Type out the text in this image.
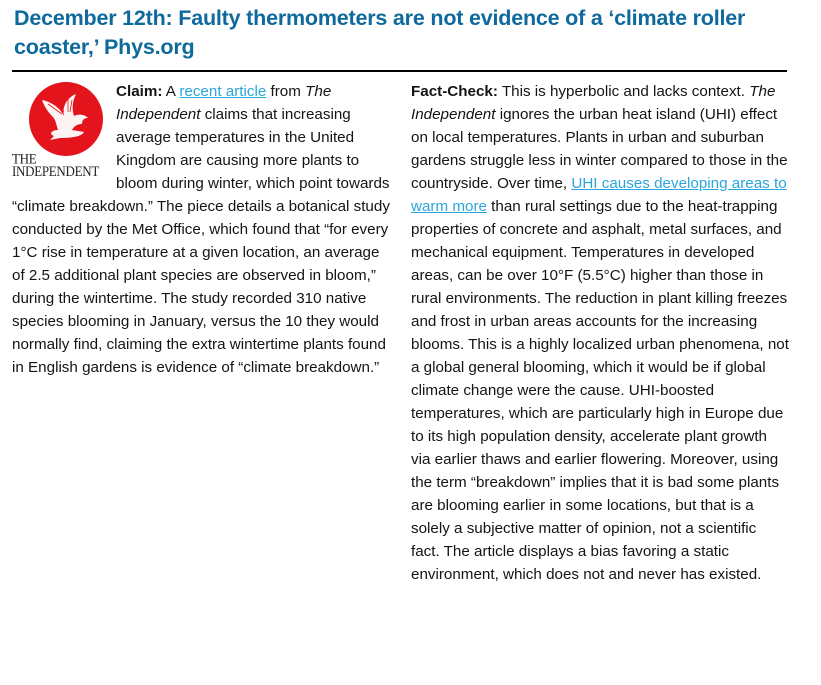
December 12th: Faulty thermometers are not evidence of a ‘climate roller coaster,’ Phys.org
THE
INDEPENDENT

Claim: A recent article from The Independent claims that increasing average temperatures in the United Kingdom are causing more plants to bloom during winter, which point towards “climate breakdown.” The piece details a botanical study conducted by the Met Office, which found that “for every 1°C rise in temperature at a given location, an average of 2.5 additional plant species are observed in bloom,” during the wintertime. The study recorded 310 native species blooming in January, versus the 10 they would normally find, claiming the extra wintertime plants found in English gardens is evidence of “climate breakdown.”

Fact-Check: This is hyperbolic and lacks context. The Independent ignores the urban heat island (UHI) effect on local temperatures. Plants in urban and suburban gardens struggle less in winter compared to those in the countryside. Over time, UHI causes developing areas to warm more than rural settings due to the heat-trapping properties of concrete and asphalt, metal surfaces, and mechanical equipment. Temperatures in developed areas, can be over 10°F (5.5°C) higher than those in rural environments. The reduction in plant killing freezes and frost in urban areas accounts for the increasing blooms. This is a highly localized urban phenomena, not a global general blooming, which it would be if global climate change were the cause. UHI-boosted temperatures, which are particularly high in Europe due to its high population density, accelerate plant growth via earlier thaws and earlier flowering. Moreover, using the term “breakdown” implies that it is bad some plants are blooming earlier in some locations, but that is a solely a subjective matter of opinion, not a scientific fact. The article displays a bias favoring a static environment, which does not and never has existed.
